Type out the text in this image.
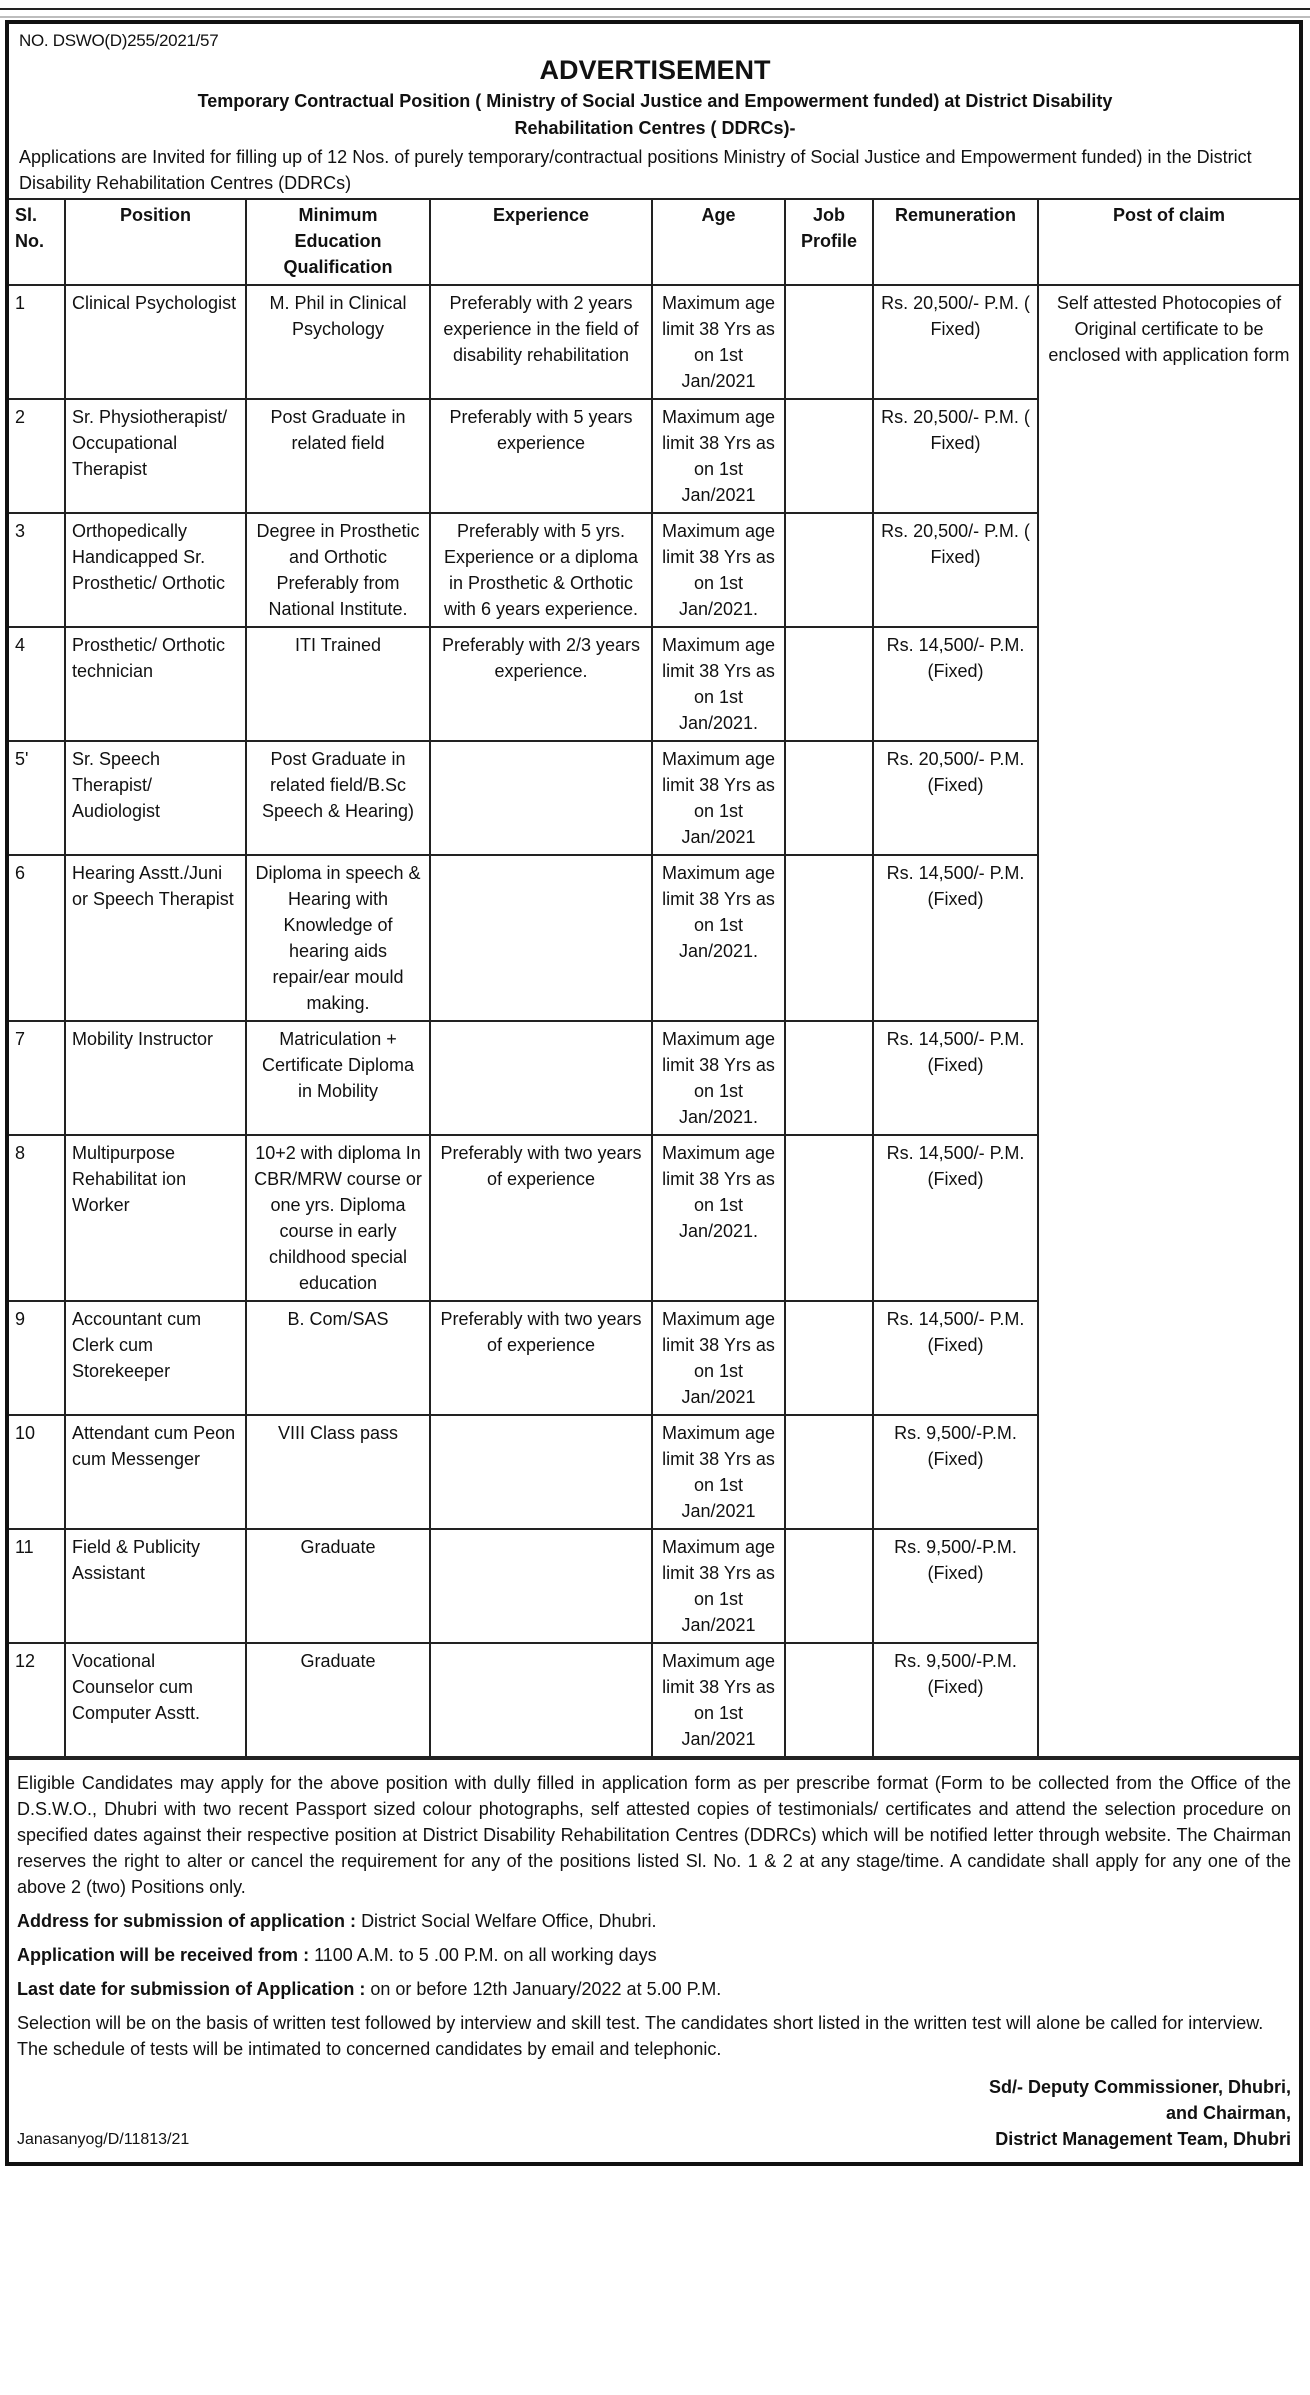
NO. DSWO(D)255/2021/57
ADVERTISEMENT
Temporary Contractual Position ( Ministry of Social Justice and Empowerment funded) at District Disability Rehabilitation Centres ( DDRCs)-
Applications are Invited for filling up of 12 Nos. of purely temporary/contractual positions Ministry of Social Justice and Empowerment funded) in the District Disability Rehabilitation Centres (DDRCs)
Sl. No.	Position	Minimum Education Qualification	Experience	Age	Job Profile	Remuneration	Post of claim
1	Clinical Psychologist	M. Phil in Clinical Psychology	Preferably with 2 years experience in the field of disability rehabilitation	Maximum age limit 38 Yrs as on 1st Jan/2021		Rs. 20,500/- P.M. ( Fixed)	Self attested Photocopies of Original certificate to be enclosed with application form
2	Sr. Physiotherapist/ Occupational Therapist	Post Graduate in related field	Preferably with 5 years experience	Maximum age limit 38 Yrs as on 1st Jan/2021		Rs. 20,500/- P.M. ( Fixed)	
3	Orthopedically Handicapped Sr. Prosthetic/ Orthotic	Degree in Prosthetic and Orthotic Preferably from National Institute.	Preferably with 5 yrs. Experience or a diploma in Prosthetic & Orthotic with 6 years experience.	Maximum age limit 38 Yrs as on 1st Jan/2021.		Rs. 20,500/- P.M. ( Fixed)	
4	Prosthetic/ Orthotic technician	ITI Trained	Preferably with 2/3 years experience.	Maximum age limit 38 Yrs as on 1st Jan/2021.		Rs. 14,500/- P.M. (Fixed)	
5'	Sr. Speech Therapist/ Audiologist	Post Graduate in related field/B.Sc Speech & Hearing)		Maximum age limit 38 Yrs as on 1st Jan/2021		Rs. 20,500/- P.M. (Fixed)	
6	Hearing Asstt./Juni or Speech Therapist	Diploma in speech & Hearing with Knowledge of hearing aids repair/ear mould making.		Maximum age limit 38 Yrs as on 1st Jan/2021.		Rs. 14,500/- P.M. (Fixed)	
7	Mobility Instructor	Matriculation + Certificate Diploma in Mobility		Maximum age limit 38 Yrs as on 1st Jan/2021.		Rs. 14,500/- P.M. (Fixed)	
8	Multipurpose Rehabilitat ion Worker	10+2 with diploma In CBR/MRW course or one yrs. Diploma course in early childhood special education	Preferably with two years of experience	Maximum age limit 38 Yrs as on 1st Jan/2021.		Rs. 14,500/- P.M. (Fixed)	
9	Accountant cum Clerk cum Storekeeper	B. Com/SAS	Preferably with two years of experience	Maximum age limit 38 Yrs as on 1st Jan/2021		Rs. 14,500/- P.M. (Fixed)	
10	Attendant cum Peon cum Messenger	VIII Class pass		Maximum age limit 38 Yrs as on 1st Jan/2021		Rs. 9,500/-P.M. (Fixed)	
11	Field & Publicity Assistant	Graduate		Maximum age limit 38 Yrs as on 1st Jan/2021		Rs. 9,500/-P.M. (Fixed)	
12	Vocational Counselor cum Computer Asstt.	Graduate		Maximum age limit 38 Yrs as on 1st Jan/2021		Rs. 9,500/-P.M. (Fixed)	

Eligible Candidates may apply for the above position with dully filled in application form as per prescribe format (Form to be collected from the Office of the D.S.W.O., Dhubri with two recent Passport sized colour photographs, self attested copies of testimonials/ certificates and attend the selection procedure on specified dates against their respective position at District Disability Rehabilitation Centres (DDRCs) which will be notified letter through website. The Chairman reserves the right to alter or cancel the requirement for any of the positions listed Sl. No. 1 & 2 at any stage/time. A candidate shall apply for any one of the above 2 (two) Positions only.

Address for submission of application : District Social Welfare Office, Dhubri.

Application will be received from : 1100 A.M. to 5 .00 P.M. on all working days

Last date for submission of Application : on or before 12th January/2022 at 5.00 P.M.

Selection will be on the basis of written test followed by interview and skill test. The candidates short listed in the written test will alone be called for interview. The schedule of tests will be intimated to concerned candidates by email and telephonic.

Janasanyog/D/11813/21
Sd/- Deputy Commissioner, Dhubri,
and Chairman,
District Management Team, Dhubri
